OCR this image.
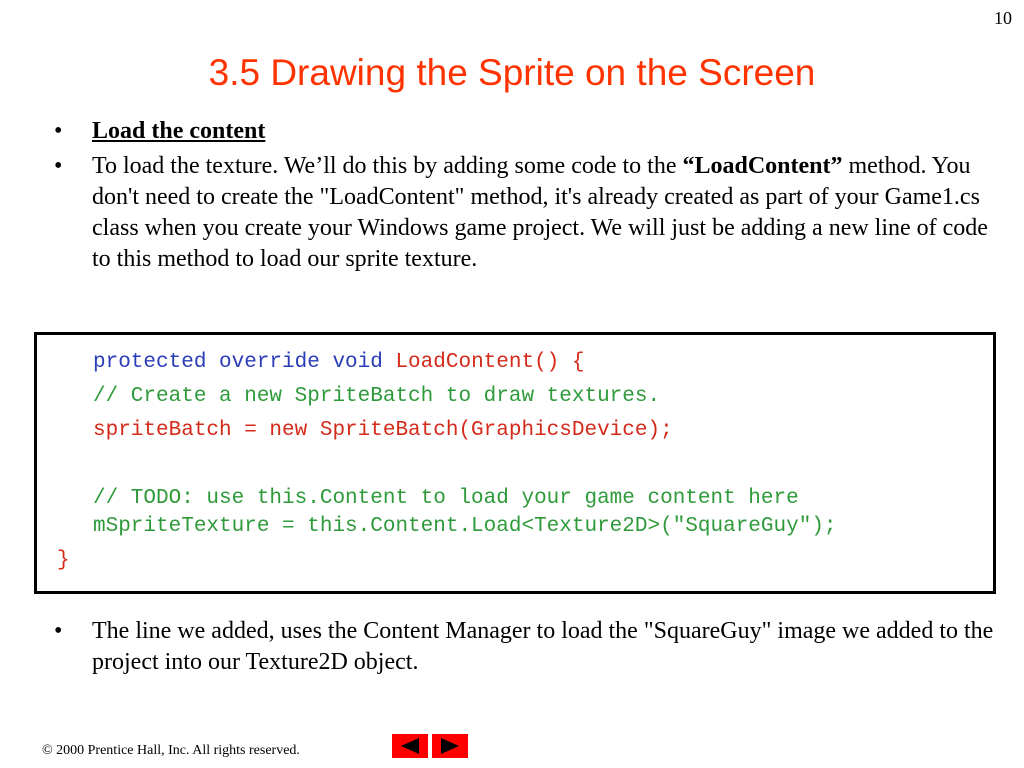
10
3.5 Drawing the Sprite on the Screen
•	Load the content
•	To load the texture. We’ll do this by adding some code to the “LoadContent” method. You don't need to create the "LoadContent" method, it's already created as part of your Game1.cs class when you create your Windows game project. We will just be adding a new line of code to this method to load our sprite texture.
protected override void LoadContent() {
// Create a new SpriteBatch to draw textures.
spriteBatch = new SpriteBatch(GraphicsDevice);
// TODO: use this.Content to load your game content here
mSpriteTexture = this.Content.Load<Texture2D>("SquareGuy");
}
•	The line we added, uses the Content Manager to load the "SquareGuy" image we added to the project into our Texture2D object.
© 2000 Prentice Hall, Inc. All rights reserved.
